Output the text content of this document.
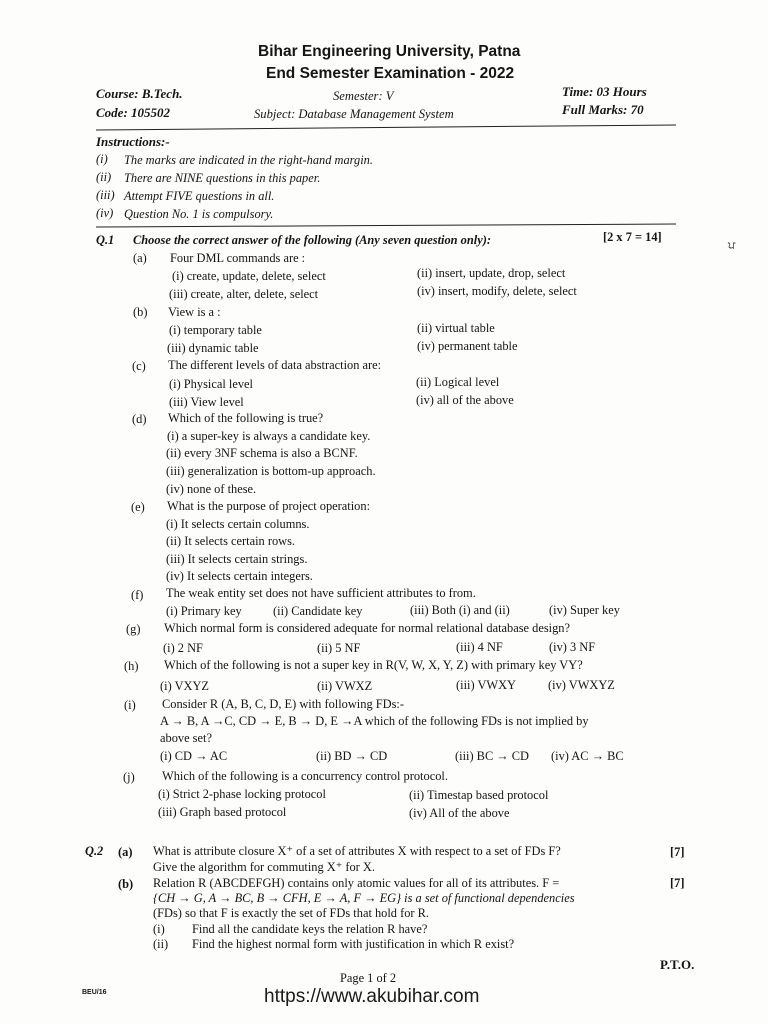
Bihar Engineering University, Patna
End Semester Examination - 2022
Course: B.Tech.
Code: 105502
Semester: V
Subject: Database Management System
Time: 03 Hours
Full Marks: 70
Instructions:-
(i) The marks are indicated in the right-hand margin.
(ii) There are NINE questions in this paper.
(iii) Attempt FIVE questions in all.
(iv) Question No. 1 is compulsory.
Q.1 Choose the correct answer of the following (Any seven question only):	[2 x 7 = 14]
ਪ
(a) Four DML commands are :
(i) create, update, delete, select	(ii) insert, update, drop, select
(iii) create, alter, delete, select	(iv) insert, modify, delete, select
(b) View is a :
(i) temporary table	(ii) virtual table
(iii) dynamic table	(iv) permanent table
(c) The different levels of data abstraction are:
(i) Physical level	(ii) Logical level
(iii) View level	(iv) all of the above
(d) Which of the following is true?
(i) a super-key is always a candidate key.
(ii) every 3NF schema is also a BCNF.
(iii) generalization is bottom-up approach.
(iv) none of these.
(e) What is the purpose of project operation:
(i) It selects certain columns.
(ii) It selects certain rows.
(iii) It selects certain strings.
(iv) It selects certain integers.
(f) The weak entity set does not have sufficient attributes to from.
(i) Primary key	(ii) Candidate key	(iii) Both (i) and (ii)	(iv) Super key
(g) Which normal form is considered adequate for normal relational database design?
(i) 2 NF	(ii) 5 NF	(iii) 4 NF	(iv) 3 NF
(h) Which of the following is not a super key in R(V, W, X, Y, Z) with primary key VY?
(i) VXYZ	(ii) VWXZ	(iii) VWXY	(iv) VWXYZ
(i) Consider R (A, B, C, D, E) with following FDs:-
A → B, A →C, CD → E, B → D, E →A which of the following FDs is not implied by
above set?
(i) CD → AC	(ii) BD → CD	(iii) BC → CD (iv) AC → BC
(j) Which of the following is a concurrency control protocol.
(i) Strict 2-phase locking protocol	(ii) Timestap based protocol
(iii) Graph based protocol	(iv) All of the above
Q.2 (a) What is attribute closure X⁺ of a set of attributes X with respect to a set of FDs F?
Give the algorithm for commuting X⁺ for X.
[7]
(b) Relation R (ABCDEFGH) contains only atomic values for all of its attributes. F =
{CH → G, A → BC, B → CFH, E → A, F → EG} is a set of functional dependencies
(FDs) so that F is exactly the set of FDs that hold for R.
[7]
(i) Find all the candidate keys the relation R have?
(ii) Find the highest normal form with justification in which R exist?
P.T.O.
Page 1 of 2
BEU/16	https://www.akubihar.com
